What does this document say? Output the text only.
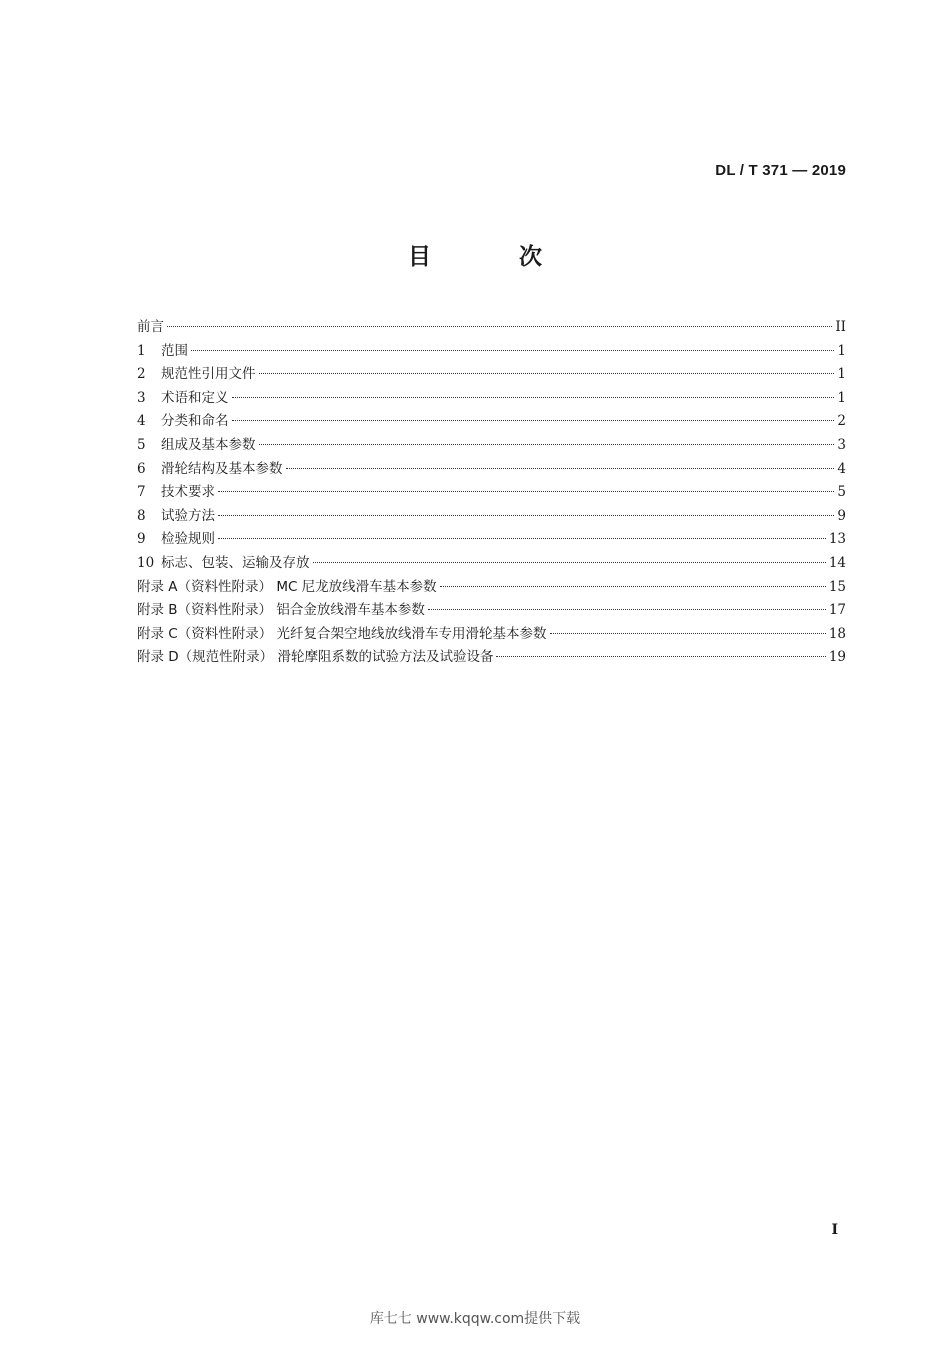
DL / T 371 — 2019
目 次
前言	II
1	范围	1
2	规范性引用文件	1
3	术语和定义	1
4	分类和命名	2
5	组成及基本参数	3
6	滑轮结构及基本参数	4
7	技术要求	5
8	试验方法	9
9	检验规则	13
10 标志、包装、运输及存放	14
附录 A（资料性附录） MC 尼龙放线滑车基本参数	15
附录 B（资料性附录） 铝合金放线滑车基本参数	17
附录 C（资料性附录） 光纤复合架空地线放线滑车专用滑轮基本参数	18
附录 D（规范性附录） 滑轮摩阻系数的试验方法及试验设备	19
I
库七七 www.kqqw.com提供下载
